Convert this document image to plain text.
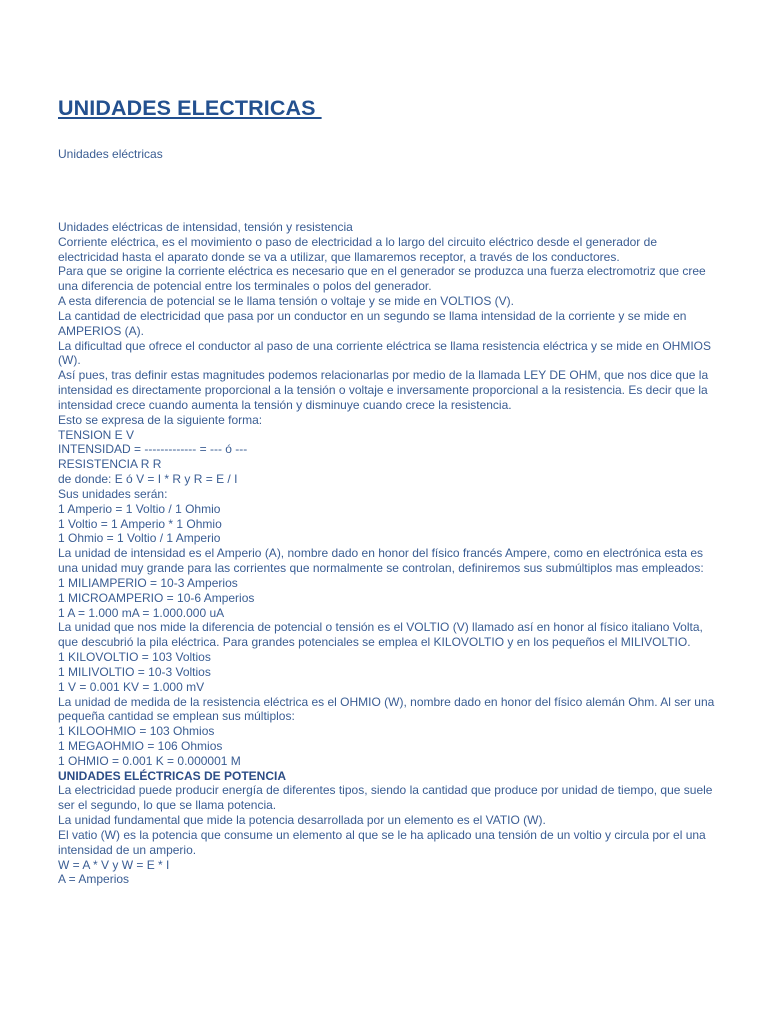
UNIDADES ELECTRICAS
Unidades eléctricas

Unidades eléctricas de intensidad, tensión y resistencia

Corriente eléctrica, es el movimiento o paso de electricidad a lo largo del circuito eléctrico desde el generador de electricidad hasta el aparato donde se va a utilizar, que llamaremos receptor, a través de los conductores.

Para que se origine la corriente eléctrica es necesario que en el generador se produzca una fuerza electromotriz que cree una diferencia de potencial entre los terminales o polos del generador.

A esta diferencia de potencial se le llama tensión o voltaje y se mide en VOLTIOS (V).

La cantidad de electricidad que pasa por un conductor en un segundo se llama intensidad de la corriente y se mide en AMPERIOS (A).

La dificultad que ofrece el conductor al paso de una corriente eléctrica se llama resistencia eléctrica y se mide en OHMIOS (W).

Así pues, tras definir estas magnitudes podemos relacionarlas por medio de la llamada LEY DE OHM, que nos dice que la intensidad es directamente proporcional a la tensión o voltaje e inversamente proporcional a la resistencia. Es decir que la intensidad crece cuando aumenta la tensión y disminuye cuando crece la resistencia.

Esto se expresa de la siguiente forma:

TENSION E V

INTENSIDAD = ------------- = --- ó ---

RESISTENCIA R R

de donde: E ó V = I * R y R = E / I

Sus unidades serán:

1 Amperio = 1 Voltio / 1 Ohmio

1 Voltio = 1 Amperio * 1 Ohmio

1 Ohmio = 1 Voltio / 1 Amperio

La unidad de intensidad es el Amperio (A), nombre dado en honor del físico francés Ampere, como en electrónica esta es una unidad muy grande para las corrientes que normalmente se controlan, definiremos sus submúltiplos mas empleados:

1 MILIAMPERIO = 10-3 Amperios

1 MICROAMPERIO = 10-6 Amperios

1 A = 1.000 mA = 1.000.000 uA

La unidad que nos mide la diferencia de potencial o tensión es el VOLTIO (V) llamado así en honor al físico italiano Volta, que descubrió la pila eléctrica. Para grandes potenciales se emplea el KILOVOLTIO y en los pequeños el MILIVOLTIO.

1 KILOVOLTIO = 103 Voltios

1 MILIVOLTIO = 10-3 Voltios

1 V = 0.001 KV = 1.000 mV

La unidad de medida de la resistencia eléctrica es el OHMIO (W), nombre dado en honor del físico alemán Ohm. Al ser una pequeña cantidad se emplean sus múltiplos:

1 KILOOHMIO = 103 Ohmios

1 MEGAOHMIO = 106 Ohmios

1 OHMIO = 0.001 K = 0.000001 M

UNIDADES ELÉCTRICAS DE POTENCIA

La electricidad puede producir energía de diferentes tipos, siendo la cantidad que produce por unidad de tiempo, que suele ser el segundo, lo que se llama potencia.

La unidad fundamental que mide la potencia desarrollada por un elemento es el VATIO (W).

El vatio (W) es la potencia que consume un elemento al que se le ha aplicado una tensión de un voltio y circula por el una intensidad de un amperio.

W = A * V y W = E * I

A = Amperios
